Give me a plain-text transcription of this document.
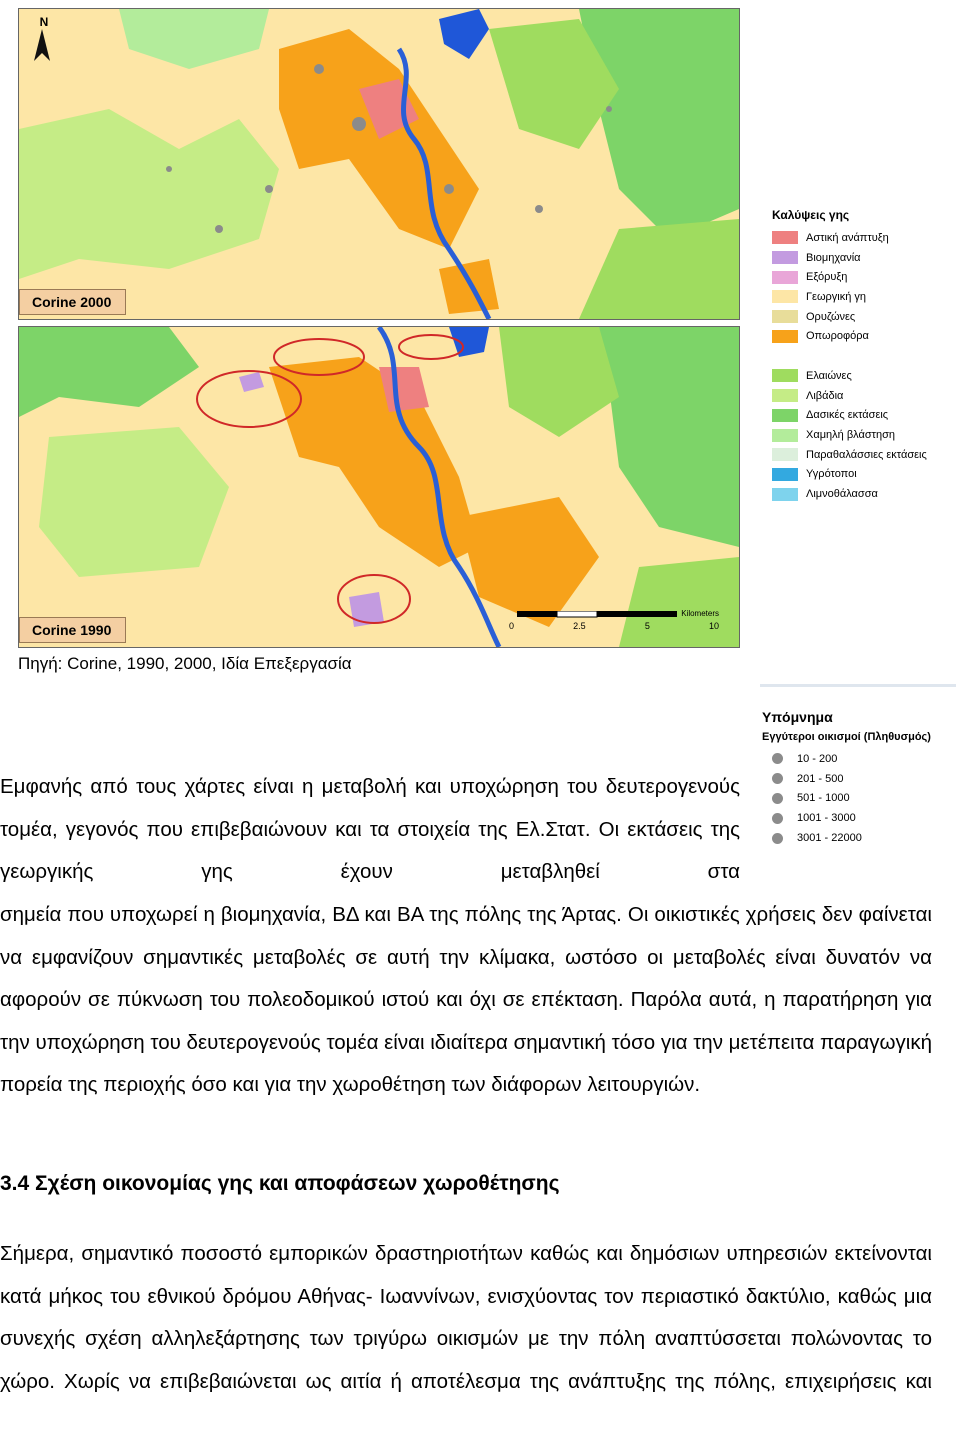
N
Corine 2000
0	2.5	5	10
Kilometers
Corine 1990
Καλύψεις γης
Αστική ανάπτυξη
Βιομηχανία
Εξόρυξη
Γεωργική γη
Ορυζώνες
Οπωροφόρα
Ελαιώνες
Λιβάδια
Δασικές εκτάσεις
Χαμηλή βλάστηση
Παραθαλάσσιες εκτάσεις
Υγρότοποι
Λιμνοθάλασσα
Υπόμνημα
Εγγύτεροι οικισμοί (Πληθυσμός)
10 - 200
201 - 500
501 - 1000
1001 - 3000
3001 - 22000
Πηγή: Corine, 1990, 2000, Ιδία Επεξεργασία
Εμφανής από τους χάρτες είναι η μεταβολή και υποχώρηση του δευτερογενούς τομέα, γεγονός που επιβεβαιώνουν και τα στοιχεία της Ελ.Στατ. Οι εκτάσεις της γεωργικής γης έχουν μεταβληθεί στα
σημεία που υποχωρεί η βιομηχανία, ΒΔ και ΒΑ της πόλης της Άρτας. Οι οικιστικές χρήσεις δεν φαίνεται να εμφανίζουν σημαντικές μεταβολές σε αυτή την κλίμακα, ωστόσο οι μεταβολές είναι δυνατόν να αφορούν σε πύκνωση του πολεοδομικού ιστού και όχι σε επέκταση. Παρόλα αυτά, η παρατήρηση για την υποχώρηση του δευτερογενούς τομέα είναι ιδιαίτερα σημαντική τόσο για την μετέπειτα παραγωγική πορεία της περιοχής όσο και για την χωροθέτηση των διάφορων λειτουργιών.
3.4 Σχέση οικονομίας γης και αποφάσεων χωροθέτησης
Σήμερα, σημαντικό ποσοστό εμπορικών δραστηριοτήτων καθώς και δημόσιων υπηρεσιών εκτείνονται κατά μήκος του εθνικού δρόμου Αθήνας- Ιωαννίνων, ενισχύοντας τον περιαστικό δακτύλιο, καθώς μια συνεχής σχέση αλληλεξάρτησης των τριγύρω οικισμών με την πόλη αναπτύσσεται πολώνοντας το χώρο. Χωρίς να επιβεβαιώνεται ως αιτία ή αποτέλεσμα της ανάπτυξης της πόλης, επιχειρήσεις και
